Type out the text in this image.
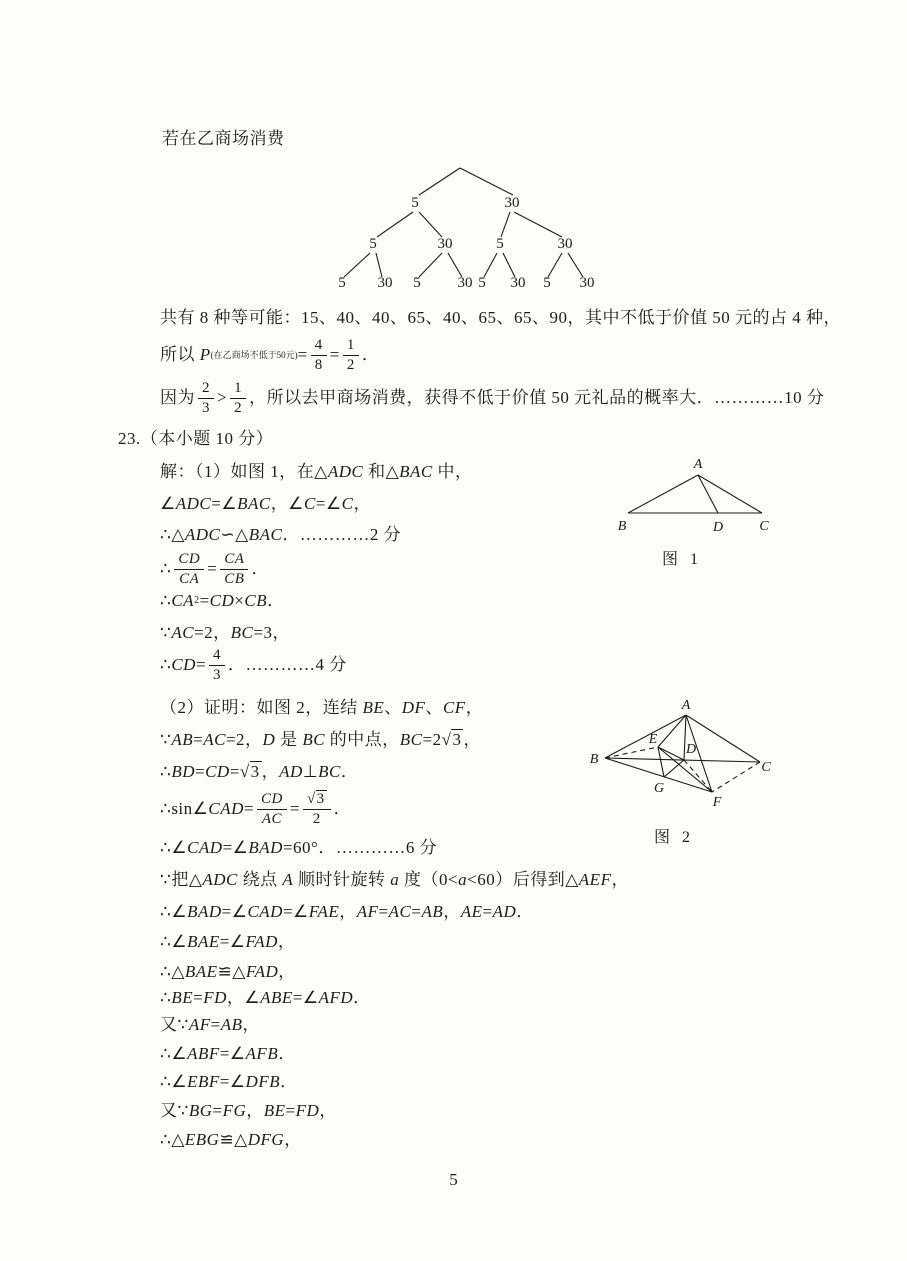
5	30
5	30	5	30
5 30 5 30 5 30 5 30
若在乙商场消费
共有 8 种等可能：15、40、40、65、40、65、65、90，其中不低于价值 50 元的占 4 种，
所以 P (在乙商场不低于50元) = $\frac{4}{8} = \frac{1}{2}$ ．
因为 $\frac{2}{3} > \frac{1}{2}$ ，所以去甲商场消费，获得不低于价值 50 元礼品的概率大．…………10 分
23.（本小题 10 分）
解：（1）如图 1，在△ ADC 和△ BAC 中，
∠ ADC =∠ BAC ，∠ C =∠ C ，
∴△ ADC ∽△ BAC ．…………2 分
∴ $\frac{CD}{CA} = \frac{CA}{CB}$ ．
∴ CA 2 = CD × CB ．
∵ AC =2， BC =3，
∴ CD = $\frac{4}{3}$ ．…………4 分
（2）证明：如图 2，连结 BE 、 DF 、 CF ，
∵ AB = AC =2， D 是 BC 的中点， BC =2 √3 ，
∴ BD = CD = √3 ， AD ⊥ BC ．
∴sin∠ CAD = $\frac{CD}{AC} = \frac{√3}{2}$ ．
∴∠ CAD =∠ BAD =60°．…………6 分
∵把△ ADC 绕点 A 顺时针旋转 a 度（0< a <60）后得到△ AEF ，
∴∠ BAD =∠ CAD =∠ FAE ， AF = AC = AB ， AE = AD ．
∴∠ BAE =∠ FAD ，
∴△ BAE ≌△ FAD ，
∴ BE = FD ，∠ ABE =∠ AFD ．
又∵ AF = AB ，
∴∠ ABF =∠ AFB ．
∴∠ EBF =∠ DFB ．
又∵ BG = FG ， BE = FD ，
∴△ EBG ≌△ DFG ，
A
B	C
D
图 1
A
B
C
D
E
G
F
图 2
5
